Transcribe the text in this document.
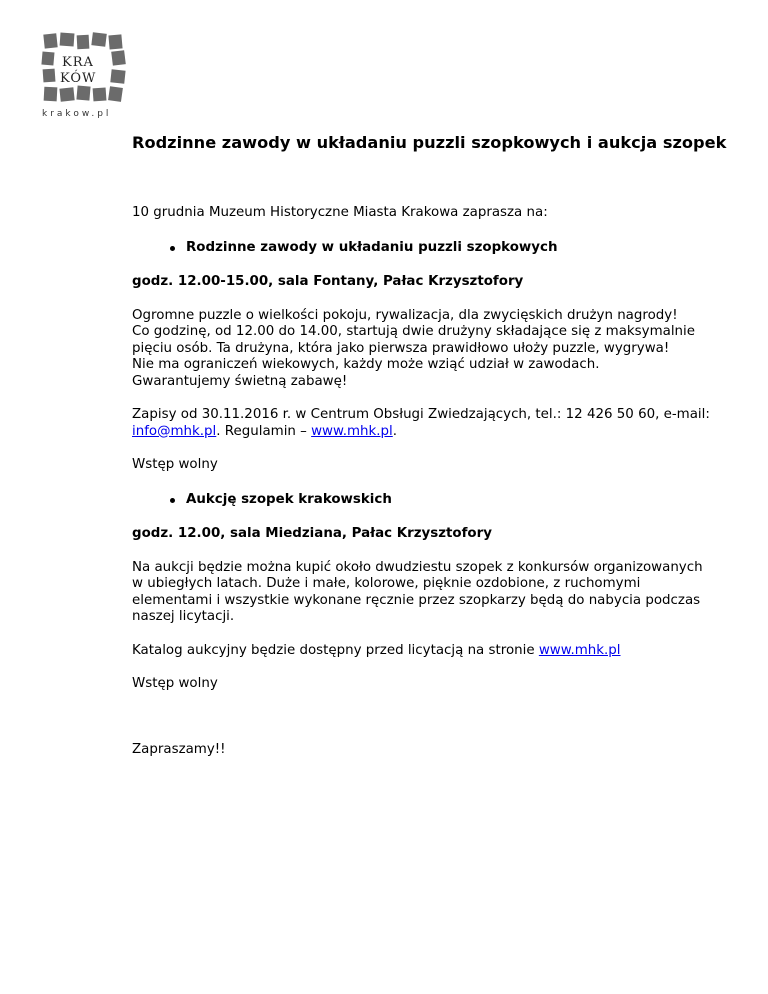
KRA
KÓW
krakow.pl
Rodzinne zawody w układaniu puzzli szopkowych i aukcja szopek

10 grudnia Muzeum Historyczne Miasta Krakowa zaprasza na:

Rodzinne zawody w układaniu puzzli szopkowych

godz. 12.00-15.00, sala Fontany, Pałac Krzysztofory

Ogromne puzzle o wielkości pokoju, rywalizacja, dla zwycięskich drużyn nagrody!
Co godzinę, od 12.00 do 14.00, startują dwie drużyny składające się z maksymalnie
pięciu osób. Ta drużyna, która jako pierwsza prawidłowo ułoży puzzle, wygrywa!
Nie ma ograniczeń wiekowych, każdy może wziąć udział w zawodach.
Gwarantujemy świetną zabawę!

Zapisy od 30.11.2016 r. w Centrum Obsługi Zwiedzających, tel.: 12 426 50 60, e-mail:
info@mhk.pl. Regulamin – www.mhk.pl.

Wstęp wolny

Aukcję szopek krakowskich

godz. 12.00, sala Miedziana, Pałac Krzysztofory

Na aukcji będzie można kupić około dwudziestu szopek z konkursów organizowanych
w ubiegłych latach. Duże i małe, kolorowe, pięknie ozdobione, z ruchomymi
elementami i wszystkie wykonane ręcznie przez szopkarzy będą do nabycia podczas
naszej licytacji.

Katalog aukcyjny będzie dostępny przed licytacją na stronie www.mhk.pl

Wstęp wolny

Zapraszamy!!
